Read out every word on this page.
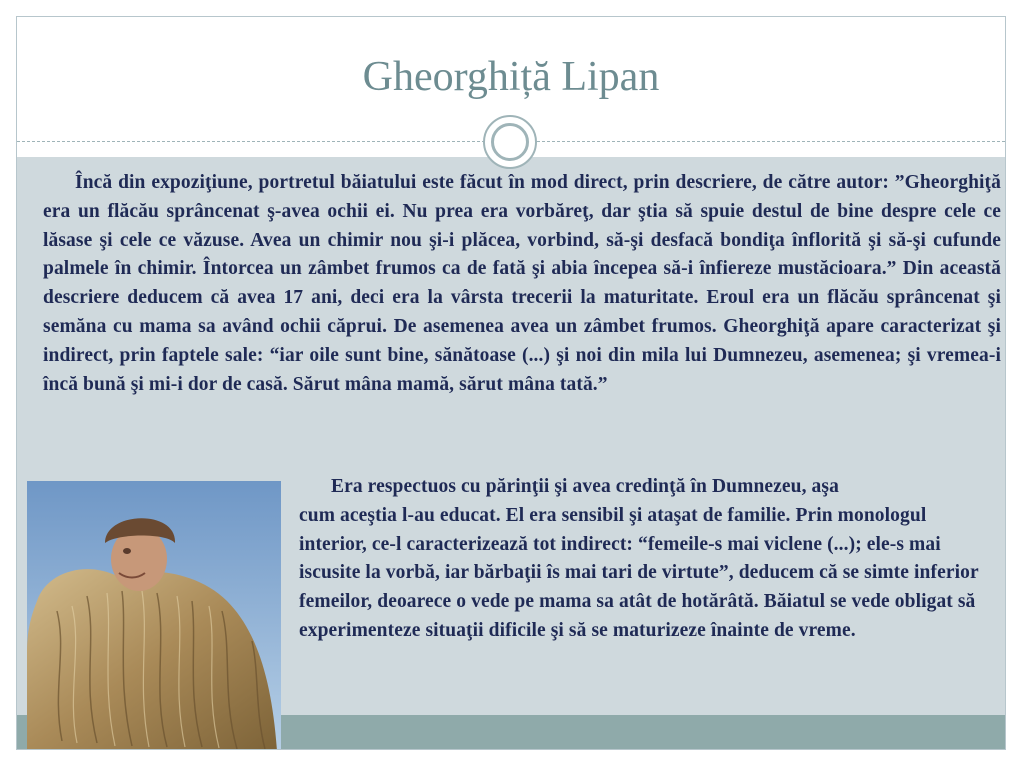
Gheorghiță Lipan
Încă din expoziţiune, portretul băiatului este făcut în mod direct, prin descriere, de către autor: ”Gheorghiţă era un flăcău sprâncenat ş-avea ochii ei. Nu prea era vorbăreţ, dar ştia să spuie destul de bine despre cele ce lăsase şi cele ce văzuse. Avea un chimir nou şi-i plăcea, vorbind, să-şi desfacă bondiţa înflorită şi să-şi cufunde palmele în chimir. Întorcea un zâmbet frumos ca de fată şi abia începea să-i înfiereze mustăcioara.” Din această descriere deducem că avea 17 ani, deci era la vârsta trecerii la maturitate. Eroul era un flăcău sprâncenat şi semăna cu mama sa având ochii căprui. De asemenea avea un zâmbet frumos. Gheorghiţă apare caracterizat şi indirect, prin faptele sale: “iar oile sunt bine, sănătoase (...) şi noi din mila lui Dumnezeu, asemenea; şi vremea-i încă bună şi mi-i dor de casă. Sărut mâna mamă, sărut mâna tată.”
Era respectuos cu părinţii şi avea credinţă în Dumnezeu, aşa
cum aceştia l-au educat. El era sensibil şi ataşat de familie. Prin monologul interior, ce-l caracterizează tot indirect: “femeile-s mai viclene (...); ele-s mai iscusite la vorbă, iar bărbaţii îs mai tari de virtute”, deducem că se simte inferior femeilor, deoarece o vede pe mama sa atât de hotărâtă. Băiatul se vede obligat să experimenteze situaţii dificile şi să se maturizeze înainte de vreme.
